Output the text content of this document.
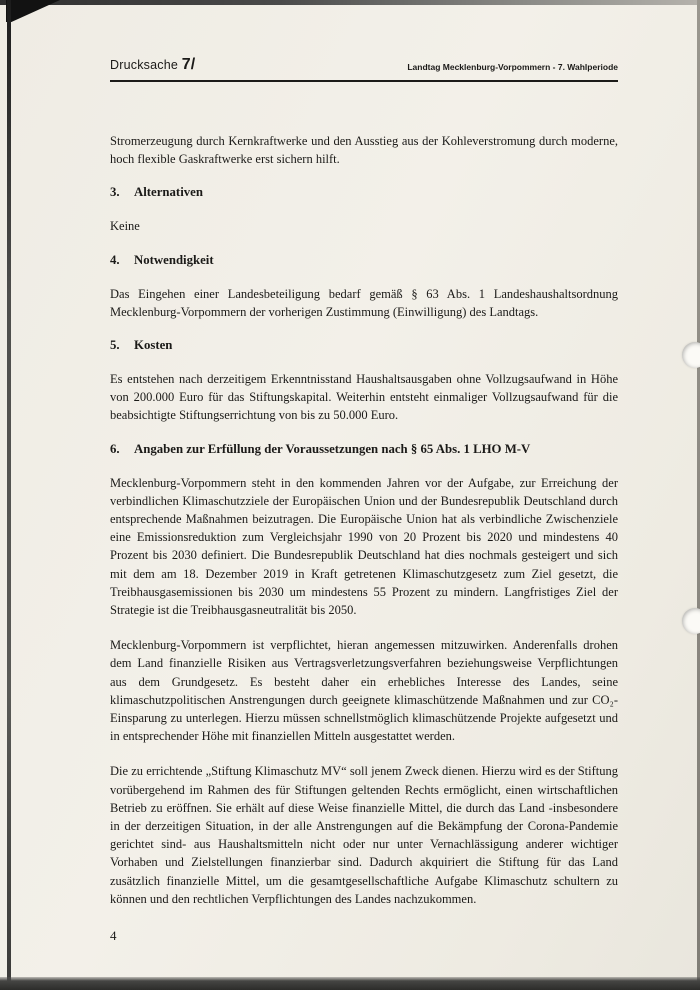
Drucksache 7/	Landtag Mecklenburg-Vorpommern - 7. Wahlperiode

Stromerzeugung durch Kernkraftwerke und den Ausstieg aus der Kohleverstromung durch moderne, hoch flexible Gaskraftwerke erst sichern hilft.

3. Alternativen

Keine

4. Notwendigkeit

Das Eingehen einer Landesbeteiligung bedarf gemäß § 63 Abs. 1 Landeshaushaltsordnung Mecklenburg-Vorpommern der vorherigen Zustimmung (Einwilligung) des Landtags.

5. Kosten

Es entstehen nach derzeitigem Erkenntnisstand Haushaltsausgaben ohne Vollzugsaufwand in Höhe von 200.000 Euro für das Stiftungskapital. Weiterhin entsteht einmaliger Vollzugsaufwand für die beabsichtigte Stiftungserrichtung von bis zu 50.000 Euro.

6. Angaben zur Erfüllung der Voraussetzungen nach § 65 Abs. 1 LHO M-V

Mecklenburg-Vorpommern steht in den kommenden Jahren vor der Aufgabe, zur Erreichung der verbindlichen Klimaschutzziele der Europäischen Union und der Bundesrepublik Deutschland durch entsprechende Maßnahmen beizutragen. Die Europäische Union hat als verbindliche Zwischenziele eine Emissionsreduktion zum Vergleichsjahr 1990 von 20 Prozent bis 2020 und mindestens 40 Prozent bis 2030 definiert. Die Bundesrepublik Deutschland hat dies nochmals gesteigert und sich mit dem am 18. Dezember 2019 in Kraft getretenen Klimaschutzgesetz zum Ziel gesetzt, die Treibhausgasemissionen bis 2030 um mindestens 55 Prozent zu mindern. Langfristiges Ziel der Strategie ist die Treibhausgasneutralität bis 2050.

Mecklenburg-Vorpommern ist verpflichtet, hieran angemessen mitzuwirken. Anderenfalls drohen dem Land finanzielle Risiken aus Vertragsverletzungsverfahren beziehungsweise Verpflichtungen aus dem Grundgesetz. Es besteht daher ein erhebliches Interesse des Landes, seine klimaschutzpolitischen Anstrengungen durch geeignete klimaschützende Maßnahmen und zur CO₂-Einsparung zu unterlegen. Hierzu müssen schnellstmöglich klimaschützende Projekte aufgesetzt und in entsprechender Höhe mit finanziellen Mitteln ausgestattet werden.

Die zu errichtende „Stiftung Klimaschutz MV“ soll jenem Zweck dienen. Hierzu wird es der Stiftung vorübergehend im Rahmen des für Stiftungen geltenden Rechts ermöglicht, einen wirtschaftlichen Betrieb zu eröffnen. Sie erhält auf diese Weise finanzielle Mittel, die durch das Land -insbesondere in der derzeitigen Situation, in der alle Anstrengungen auf die Bekämpfung der Corona-Pandemie gerichtet sind- aus Haushaltsmitteln nicht oder nur unter Vernachlässigung anderer wichtiger Vorhaben und Zielstellungen finanzierbar sind. Dadurch akquiriert die Stiftung für das Land zusätzlich finanzielle Mittel, um die gesamtgesellschaftliche Aufgabe Klimaschutz schultern zu können und den rechtlichen Verpflichtungen des Landes nachzukommen.

4
